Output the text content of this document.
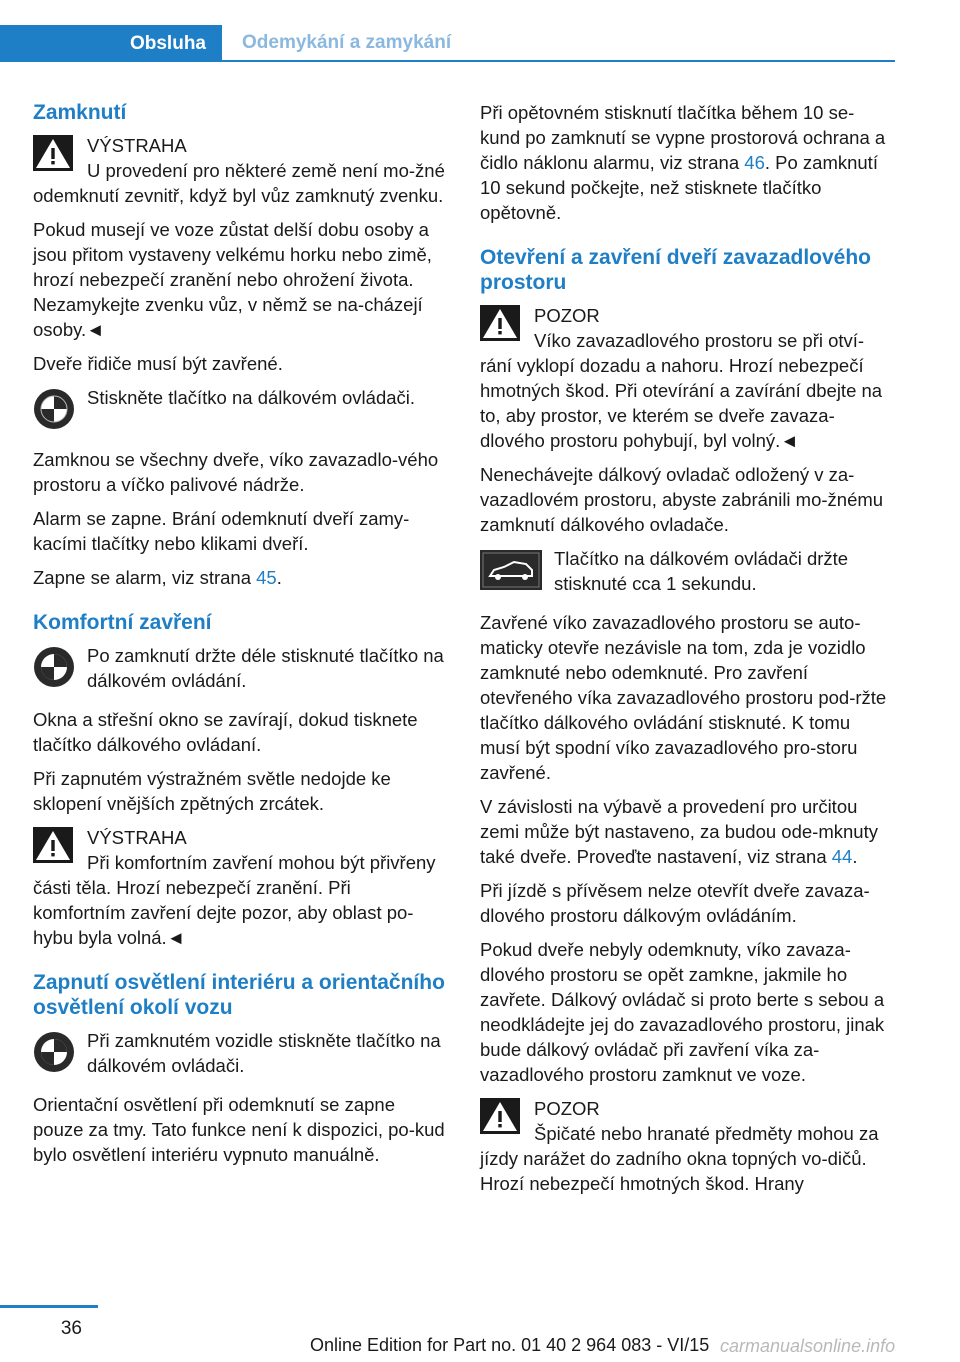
Obsluha	Odemykání a zamykání
Zamknutí
VÝSTRAHA
U provedení pro některé země není mo-žné odemknutí zevnitř, když byl vůz zamknutý zvenku.

Pokud musejí ve voze zůstat delší dobu osoby a jsou přitom vystaveny velkému horku nebo zimě, hrozí nebezpečí zranění nebo ohrožení života. Nezamykejte zvenku vůz, v němž se na-cházejí osoby.◄

Dveře řidiče musí být zavřené.

Stiskněte tlačítko na dálkovém ovládači.

Zamknou se všechny dveře, víko zavazadlo-vého prostoru a víčko palivové nádrže.

Alarm se zapne. Brání odemknutí dveří zamy-kacími tlačítky nebo klikami dveří.

Zapne se alarm, viz strana 45.

Komfortní zavření

Po zamknutí držte déle stisknuté tlačítko na dálkovém ovládání.

Okna a střešní okno se zavírají, dokud tisknete tlačítko dálkového ovládaní.

Při zapnutém výstražném světle nedojde ke sklopení vnějších zpětných zrcátek.

VÝSTRAHA
Při komfortním zavření mohou být přivřeny části těla. Hrozí nebezpečí zranění. Při komfortním zavření dejte pozor, aby oblast po-hybu byla volná.◄
Zapnutí osvětlení interiéru a orientačního osvětlení okolí vozu

Při zamknutém vozidle stiskněte tlačítko na dálkovém ovládači.

Orientační osvětlení při odemknutí se zapne pouze za tmy. Tato funkce není k dispozici, po-kud bylo osvětlení interiéru vypnuto manuálně.

Při opětovném stisknutí tlačítka během 10 se-kund po zamknutí se vypne prostorová ochrana a čidlo náklonu alarmu, viz strana 46. Po zamknutí 10 sekund počkejte, než stisknete tlačítko opětovně.

Otevření a zavření dveří zavazadlového prostoru
POZOR
Víko zavazadlového prostoru se při otví-rání vyklopí dozadu a nahoru. Hrozí nebezpečí hmotných škod. Při otevírání a zavírání dbejte na to, aby prostor, ve kterém se dveře zavaza-dlového prostoru pohybují, byl volný.◄

Nenechávejte dálkový ovladač odložený v za-vazadlovém prostoru, abyste zabránili mo-žnému zamknutí dálkového ovladače.

Tlačítko na dálkovém ovládači držte stisknuté cca 1 sekundu.

Zavřené víko zavazadlového prostoru se auto-maticky otevře nezávisle na tom, zda je vozidlo zamknuté nebo odemknuté. Pro zavření otevřeného víka zavazadlového prostoru pod-ržte tlačítko dálkového ovládání stisknuté. K tomu musí být spodní víko zavazadlového pro-storu zavřené.

V závislosti na výbavě a provedení pro určitou zemi může být nastaveno, za budou ode-mknuty také dveře. Proveďte nastavení, viz strana 44.

Při jízdě s přívěsem nelze otevřít dveře zavaza-dlového prostoru dálkovým ovládáním.

Pokud dveře nebyly odemknuty, víko zavaza-dlového prostoru se opět zamkne, jakmile ho zavřete. Dálkový ovládač si proto berte s sebou a neodkládejte jej do zavazadlového prostoru, jinak bude dálkový ovládač při zavření víka za-vazadlového prostoru zamknut ve voze.

POZOR
Špičaté nebo hranaté předměty mohou za jízdy narážet do zadního okna topných vo-dičů. Hrozí nebezpečí hmotných škod. Hrany
36
Online Edition for Part no. 01 40 2 964 083 - VI/15 carmanualsonline.info
